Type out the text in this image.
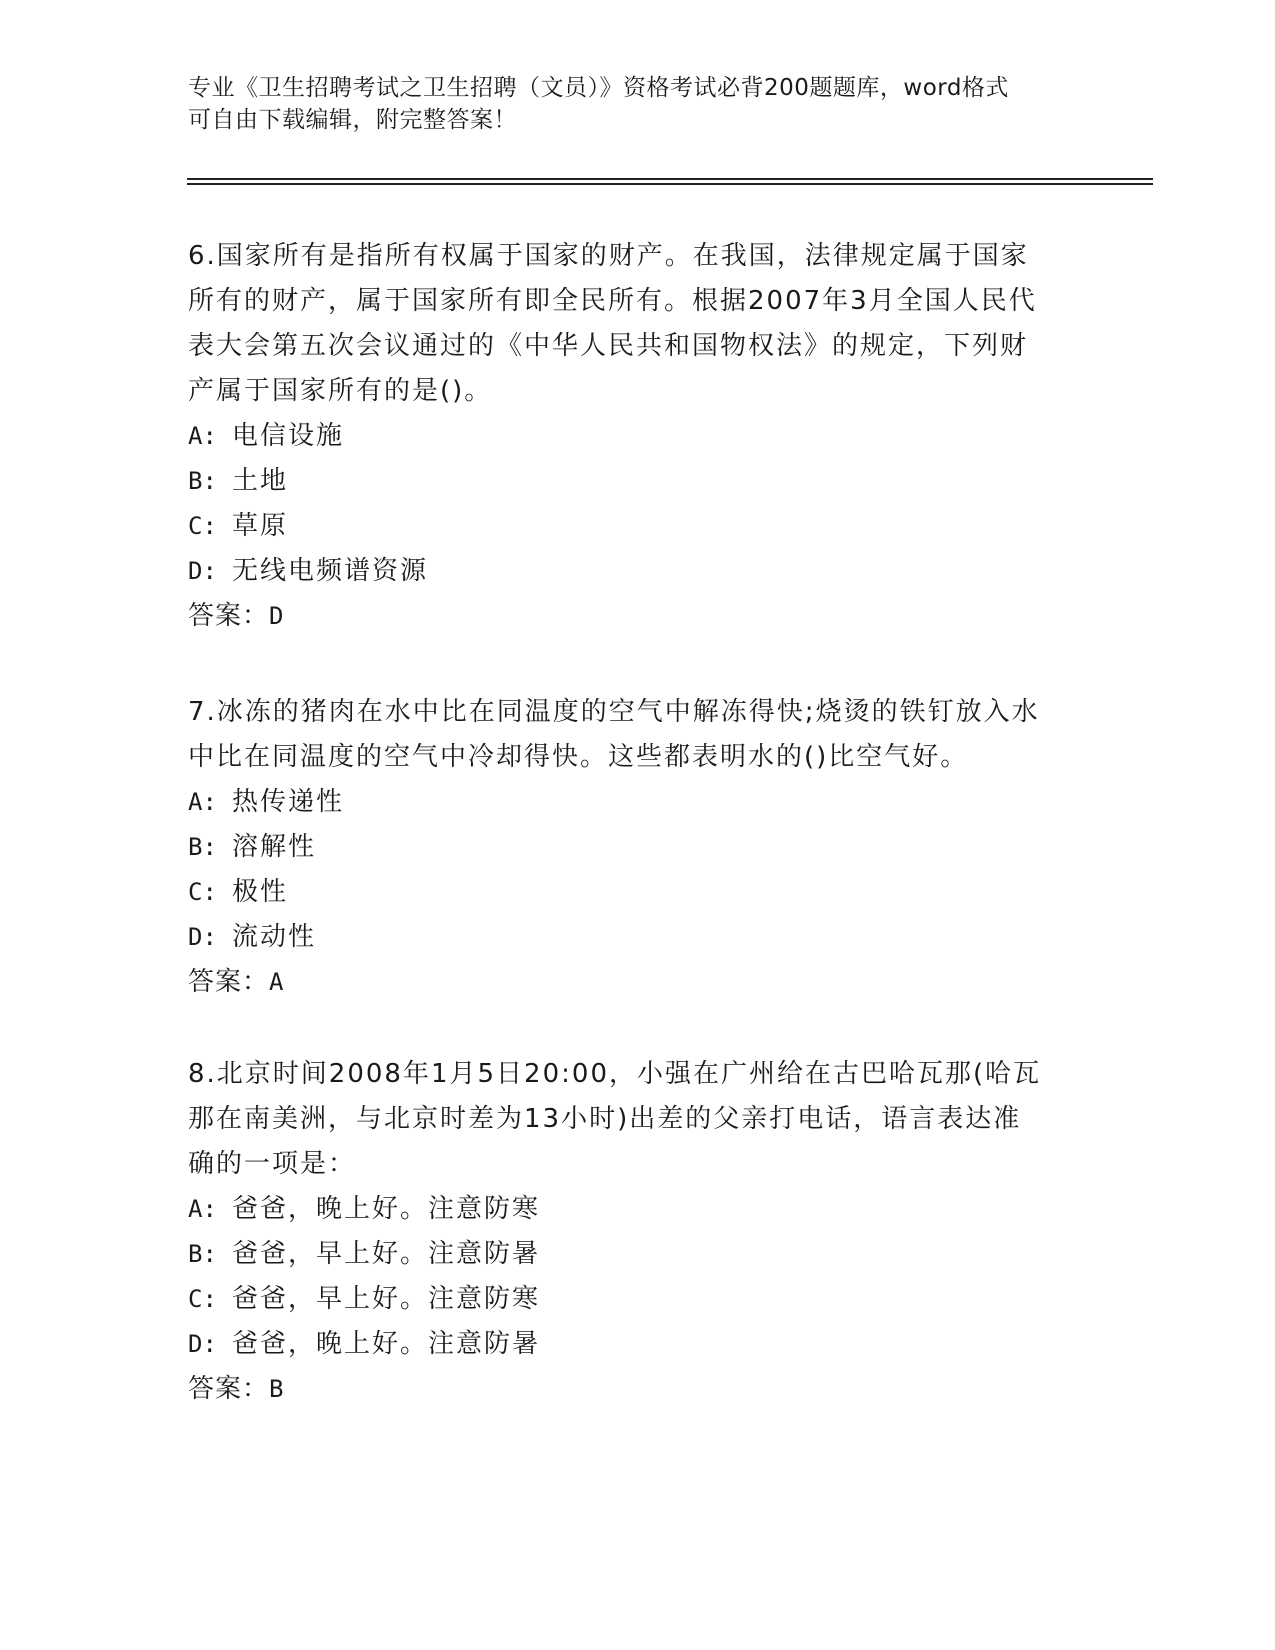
专业《卫生招聘考试之卫生招聘（文员）》资格考试必背200题题库，word格式
可自由下载编辑，附完整答案！
6.国家所有是指所有权属于国家的财产。在我国，法律规定属于国家
所有的财产，属于国家所有即全民所有。根据2007年3月全国人民代
表大会第五次会议通过的《中华人民共和国物权法》的规定，下列财
产属于国家所有的是()。
A: 电信设施
B: 土地
C: 草原
D: 无线电频谱资源
答案：D
7.冰冻的猪肉在水中比在同温度的空气中解冻得快;烧烫的铁钉放入水
中比在同温度的空气中冷却得快。这些都表明水的()比空气好。
A: 热传递性
B: 溶解性
C: 极性
D: 流动性
答案：A
8.北京时间2008年1月5日20:00，小强在广州给在古巴哈瓦那(哈瓦
那在南美洲，与北京时差为13小时)出差的父亲打电话，语言表达准
确的一项是：
A: 爸爸，晚上好。注意防寒
B: 爸爸，早上好。注意防暑
C: 爸爸，早上好。注意防寒
D: 爸爸，晚上好。注意防暑
答案：B
